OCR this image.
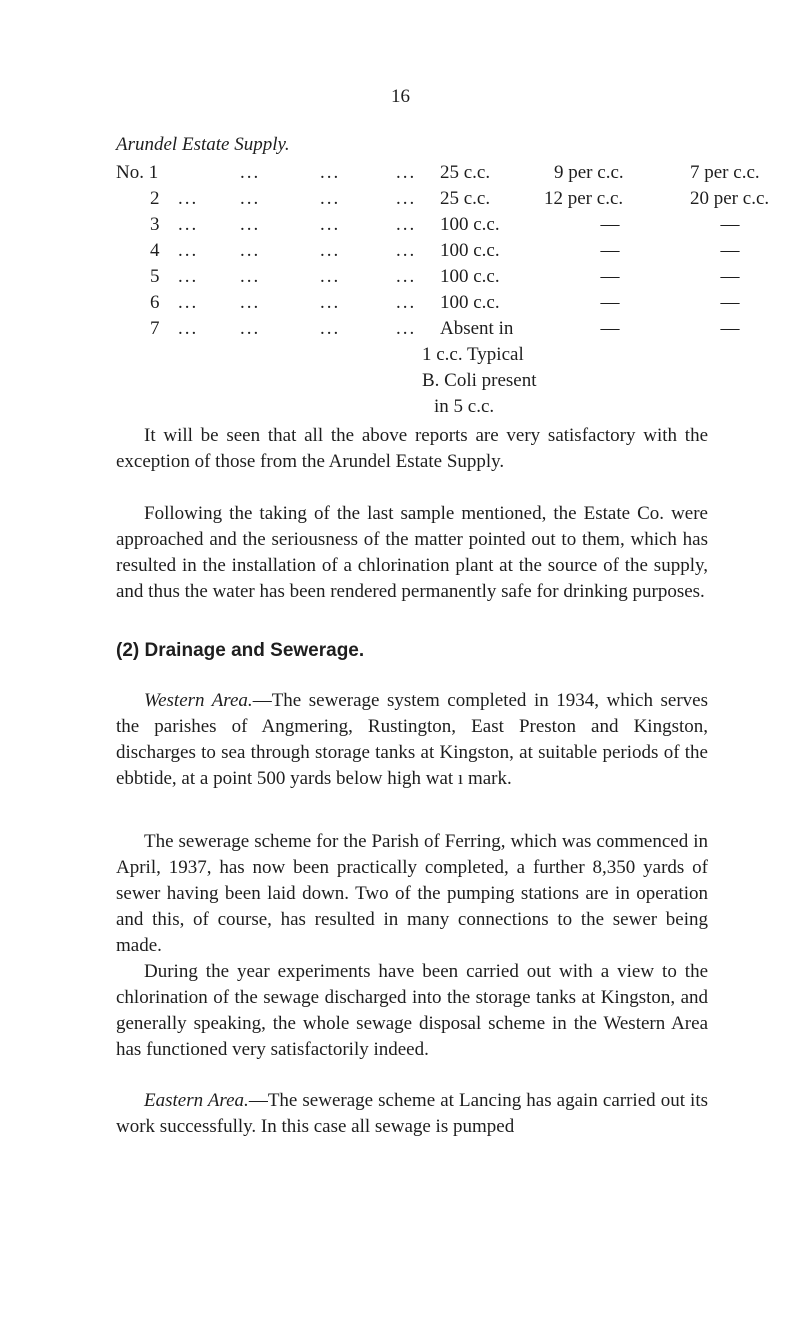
16
Arundel Estate Supply.
No. 1	...	...	... 25 c.c.	9 per c.c.	7 per c.c.
2 ... ...	...	... 25 c.c.	12 per c.c.	20 per c.c.
3 ... ...	...	... 100 c.c.	—	—
4 ... ...	...	... 100 c.c.	—	—
5 ... ...	...	... 100 c.c.	—	—
6 ... ...	...	... 100 c.c.	—	—
7 ... ...	...	... Absent in	—	—
1 c.c. Typical
B. Coli present
in 5 c.c.

It will be seen that all the above reports are very satisfactory with the exception of those from the Arundel Estate Supply.

Following the taking of the last sample mentioned, the Estate Co. were approached and the seriousness of the matter pointed out to them, which has resulted in the installation of a chlorination plant at the source of the supply, and thus the water has been rendered permanently safe for drinking purposes.

(2) Drainage and Sewerage.

Western Area.—The sewerage system completed in 1934, which serves the parishes of Angmering, Rustington, East Preston and Kingston, discharges to sea through storage tanks at Kingston, at suitable periods of the ebbtide, at a point 500 yards below high wat ı mark.

The sewerage scheme for the Parish of Ferring, which was commenced in April, 1937, has now been practically completed, a further 8,350 yards of sewer having been laid down. Two of the pumping stations are in operation and this, of course, has resulted in many connections to the sewer being made.

During the year experiments have been carried out with a view to the chlorination of the sewage discharged into the storage tanks at Kingston, and generally speaking, the whole sewage disposal scheme in the Western Area has functioned very satisfactorily indeed.

Eastern Area.—The sewerage scheme at Lancing has again carried out its work successfully. In this case all sewage is pumped
